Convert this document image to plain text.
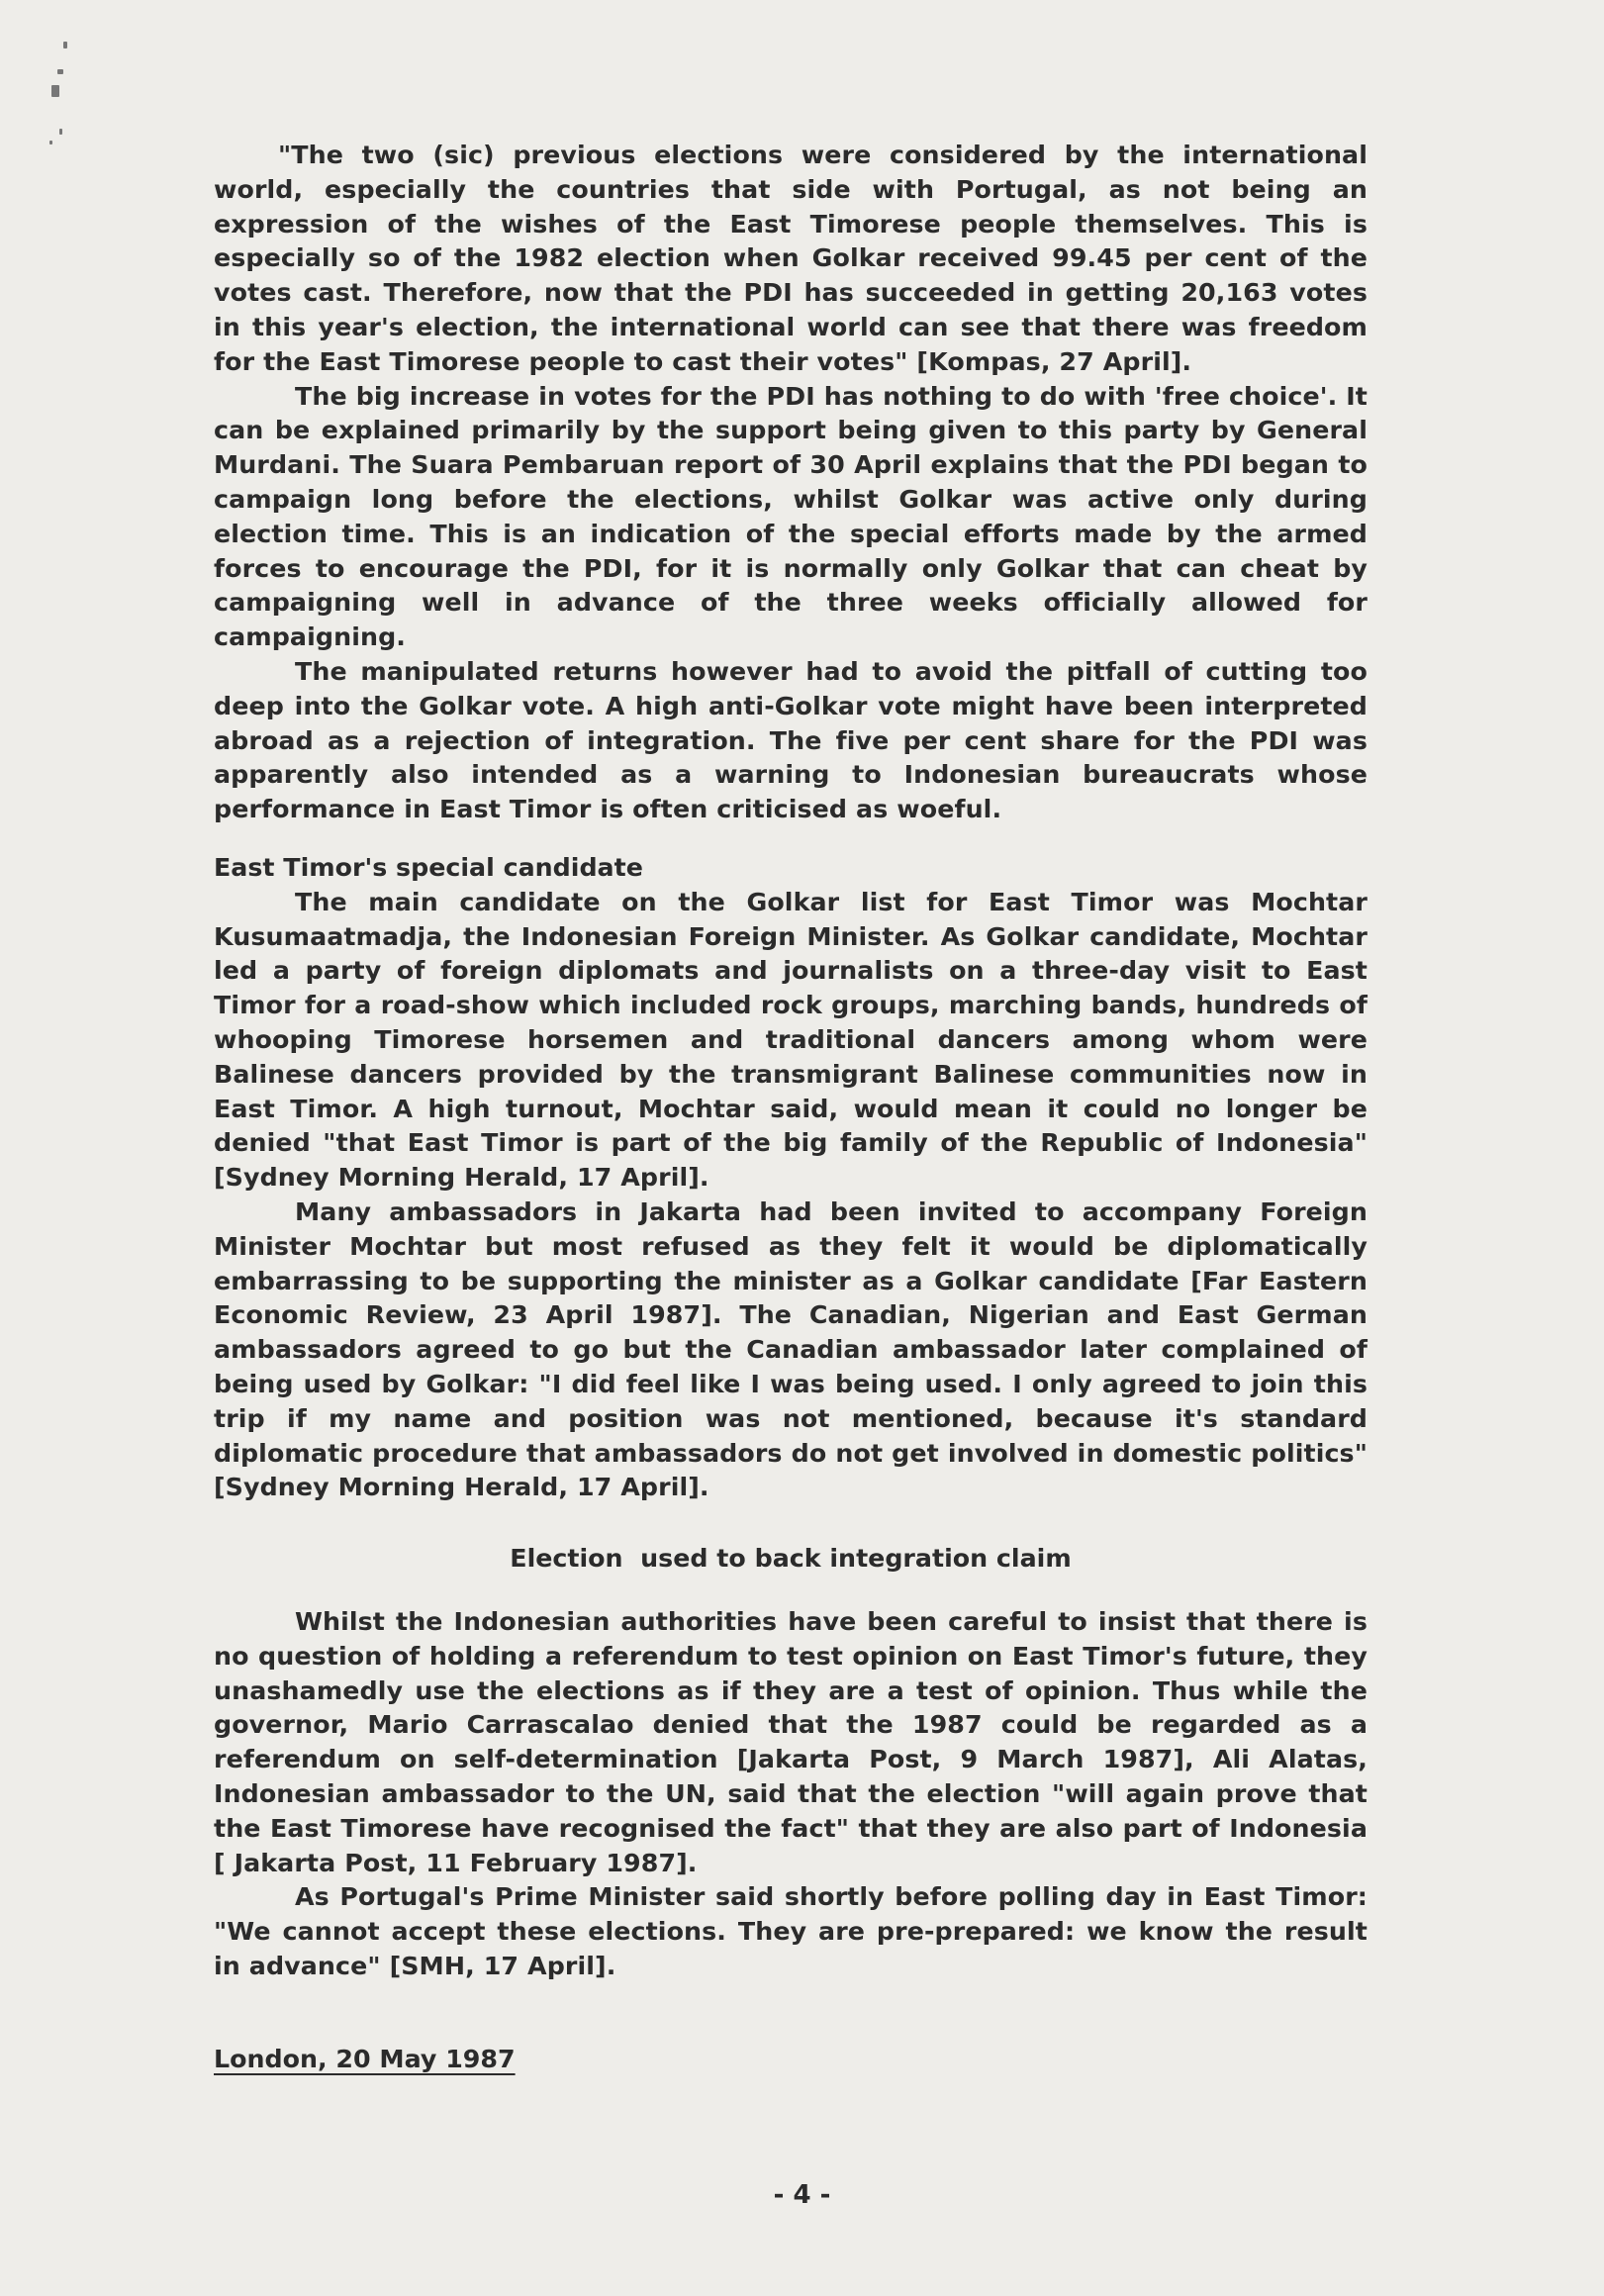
"The two (sic) previous elections were considered by the international world, especially the countries that side with Portugal, as not being an expression of the wishes of the East Timorese people themselves. This is especially so of the 1982 election when Golkar received 99.45 per cent of the votes cast. Therefore, now that the PDI has succeeded in getting 20,163 votes in this year's election, the international world can see that there was freedom for the East Timorese people to cast their votes" [Kompas, 27 April].

The big increase in votes for the PDI has nothing to do with 'free choice'. It can be explained primarily by the support being given to this party by General Murdani. The Suara Pembaruan report of 30 April explains that the PDI began to campaign long before the elections, whilst Golkar was active only during election time. This is an indication of the special efforts made by the armed forces to encourage the PDI, for it is normally only Golkar that can cheat by campaigning well in advance of the three weeks officially allowed for campaigning.

The manipulated returns however had to avoid the pitfall of cutting too deep into the Golkar vote. A high anti-Golkar vote might have been interpreted abroad as a rejection of integration. The five per cent share for the PDI was apparently also intended as a warning to Indonesian bureaucrats whose performance in East Timor is often criticised as woeful.

East Timor's special candidate

The main candidate on the Golkar list for East Timor was Mochtar Kusumaatmadja, the Indonesian Foreign Minister. As Golkar candidate, Mochtar led a party of foreign diplomats and journalists on a three-day visit to East Timor for a road-show which included rock groups, marching bands, hundreds of whooping Timorese horsemen and traditional dancers among whom were Balinese dancers provided by the transmigrant Balinese communities now in East Timor. A high turnout, Mochtar said, would mean it could no longer be denied "that East Timor is part of the big family of the Republic of Indonesia" [Sydney Morning Herald, 17 April].

Many ambassadors in Jakarta had been invited to accompany Foreign Minister Mochtar but most refused as they felt it would be diplomatically embarrassing to be supporting the minister as a Golkar candidate [Far Eastern Economic Review, 23 April 1987]. The Canadian, Nigerian and East German ambassadors agreed to go but the Canadian ambassador later complained of being used by Golkar: "I did feel like I was being used. I only agreed to join this trip if my name and position was not mentioned, because it's standard diplomatic procedure that ambassadors do not get involved in domestic politics" [Sydney Morning Herald, 17 April].

Election  used to back integration claim

Whilst the Indonesian authorities have been careful to insist that there is no question of holding a referendum to test opinion on East Timor's future, they unashamedly use the elections as if they are a test of opinion. Thus while the governor, Mario Carrascalao denied that the 1987 could be regarded as a referendum on self-determination [Jakarta Post, 9 March 1987], Ali Alatas, Indonesian ambassador to the UN, said that the election "will again prove that the East Timorese have recognised the fact" that they are also part of Indonesia [ Jakarta Post, 11 February 1987].

As Portugal's Prime Minister said shortly before polling day in East Timor: "We cannot accept these elections. They are pre-prepared: we know the result in advance" [SMH, 17 April].

London, 20 May 1987
- 4 -
